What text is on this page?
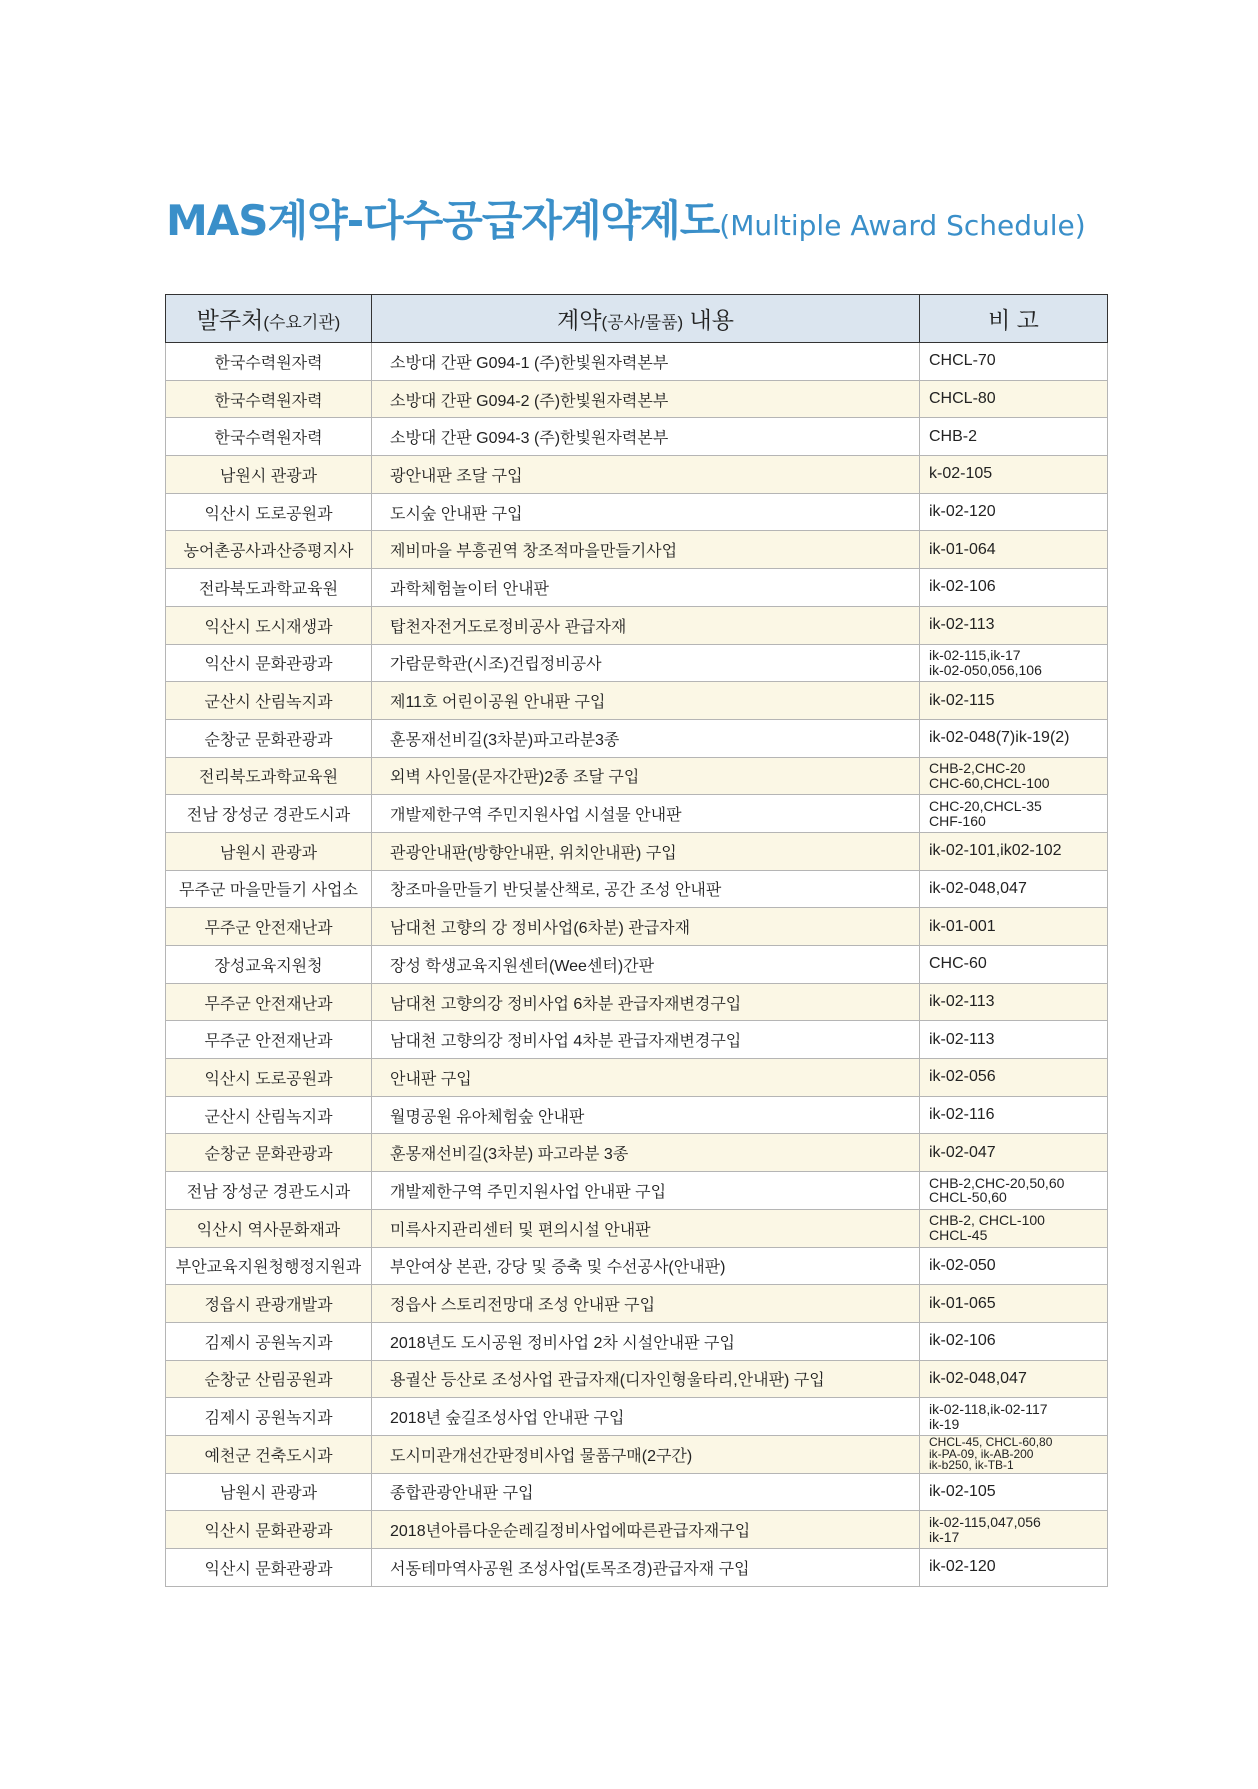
MAS계약-다수공급자계약제도(Multiple Award Schedule)
발주처(수요기관)	계약(공사/물품) 내용	비 고
한국수력원자력	소방대 간판 G094-1 (주)한빛원자력본부	CHCL-70
한국수력원자력	소방대 간판 G094-2 (주)한빛원자력본부	CHCL-80
한국수력원자력	소방대 간판 G094-3 (주)한빛원자력본부	CHB-2
남원시 관광과	광안내판 조달 구입	k-02-105
익산시 도로공원과	도시숲 안내판 구입	ik-02-120
농어촌공사과산증평지사	제비마을 부흥권역 창조적마을만들기사업	ik-01-064
전라북도과학교육원	과학체험놀이터 안내판	ik-02-106
익산시 도시재생과	탑천자전거도로정비공사 관급자재	ik-02-113
익산시 문화관광과	가람문학관(시조)건립정비공사	ik-02-115,ik-17
ik-02-050,056,106
군산시 산림녹지과	제11호 어린이공원 안내판 구입	ik-02-115
순창군 문화관광과	훈몽재선비길(3차분)파고라분3종	ik-02-048(7)ik-19(2)
전리북도과학교육원	외벽 사인물(문자간판)2종 조달 구입	CHB-2,CHC-20
CHC-60,CHCL-100
전남 장성군 경관도시과	개발제한구역 주민지원사업 시설물 안내판	CHC-20,CHCL-35
CHF-160
남원시 관광과	관광안내판(방향안내판, 위치안내판) 구입	ik-02-101,ik02-102
무주군 마을만들기 사업소	창조마을만들기 반딧불산책로, 공간 조성 안내판	ik-02-048,047
무주군 안전재난과	남대천 고향의 강 정비사업(6차분) 관급자재	ik-01-001
장성교육지원청	장성 학생교육지원센터(Wee센터)간판	CHC-60
무주군 안전재난과	남대천 고향의강 정비사업 6차분 관급자재변경구입	ik-02-113
무주군 안전재난과	남대천 고향의강 정비사업 4차분 관급자재변경구입	ik-02-113
익산시 도로공원과	안내판 구입	ik-02-056
군산시 산림녹지과	월명공원 유아체험숲 안내판	ik-02-116
순창군 문화관광과	훈몽재선비길(3차분) 파고라분 3종	ik-02-047
전남 장성군 경관도시과	개발제한구역 주민지원사업 안내판 구입	CHB-2,CHC-20,50,60
CHCL-50,60
익산시 역사문화재과	미륵사지관리센터 및 편의시설 안내판	CHB-2, CHCL-100
CHCL-45
부안교육지원청행정지원과	부안여상 본관, 강당 및 증축 및 수선공사(안내판)	ik-02-050
정읍시 관광개발과	정읍사 스토리전망대 조성 안내판 구입	ik-01-065
김제시 공원녹지과	2018년도 도시공원 정비사업 2차 시설안내판 구입	ik-02-106
순창군 산림공원과	용궐산 등산로 조성사업 관급자재(디자인형울타리,안내판) 구입	ik-02-048,047
김제시 공원녹지과	2018년 숲길조성사업 안내판 구입	ik-02-118,ik-02-117
ik-19
예천군 건축도시과	도시미관개선간판정비사업 물품구매(2구간)	CHCL-45, CHCL-60,80
ik-PA-09, ik-AB-200
ik-b250, ik-TB-1
남원시 관광과	종합관광안내판 구입	ik-02-105
익산시 문화관광과	2018년아름다운순레길정비사업에따른관급자재구입	ik-02-115,047,056
ik-17
익산시 문화관광과	서동테마역사공원 조성사업(토목조경)관급자재 구입	ik-02-120
